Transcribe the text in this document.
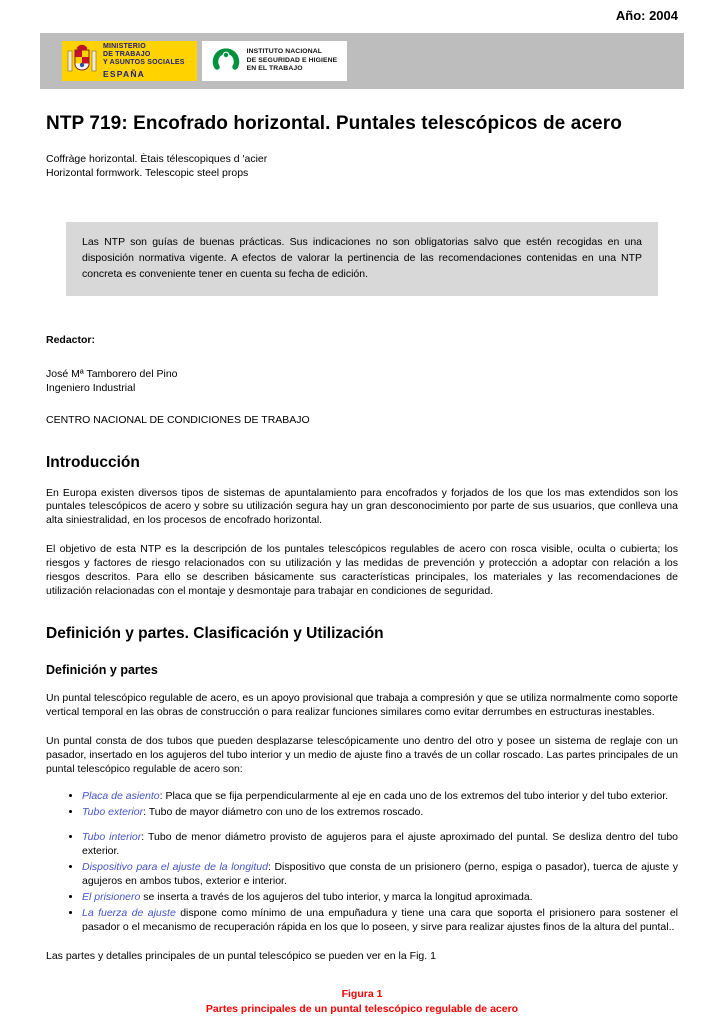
Año: 2004
MINISTERIO
DE TRABAJO
Y ASUNTOS SOCIALES
ESPAÑA
INSTITUTO NACIONAL
DE SEGURIDAD E HIGIENE
EN EL TRABAJO
NTP 719: Encofrado horizontal. Puntales telescópicos de acero
Coffràge horizontal. Ètais télescopiques d 'acier
Horizontal formwork. Telescopic steel props
Las NTP son guías de buenas prácticas. Sus indicaciones no son obligatorias salvo que estén recogidas en una disposición normativa vigente. A efectos de valorar la pertinencia de las recomendaciones contenidas en una NTP concreta es conveniente tener en cuenta su fecha de edición.
Redactor:
José Mª Tamborero del Pino
Ingeniero Industrial
CENTRO NACIONAL DE CONDICIONES DE TRABAJO
Introducción

En Europa existen diversos tipos de sistemas de apuntalamiento para encofrados y forjados de los que los mas extendidos son los puntales telescópicos de acero y sobre su utilización segura hay un gran desconocimiento por parte de sus usuarios, que conlleva una alta siniestralidad, en los procesos de encofrado horizontal.

El objetivo de esta NTP es la descripción de los puntales telescópicos regulables de acero con rosca visible, oculta o cubierta; los riesgos y factores de riesgo relacionados con su utilización y las medidas de prevención y protección a adoptar con relación a los riesgos descritos. Para ello se describen básicamente sus características principales, los materiales y las recomendaciones de utilización relacionadas con el montaje y desmontaje para trabajar en condiciones de seguridad.

Definición y partes. Clasificación y Utilización
Definición y partes

Un puntal telescópico regulable de acero, es un apoyo provisional que trabaja a compresión y que se utiliza normalmente como soporte vertical temporal en las obras de construcción o para realizar funciones similares como evitar derrumbes en estructuras inestables.

Un puntal consta de dos tubos que pueden desplazarse telescópicamente uno dentro del otro y posee un sistema de reglaje con un pasador, insertado en los agujeros del tubo interior y un medio de ajuste fino a través de un collar roscado. Las partes principales de un puntal telescópico regulable de acero son:

• Placa de asiento: Placa que se fija perpendicularmente al eje en cada uno de los extremos del tubo interior y del tubo exterior.
• Tubo exterior: Tubo de mayor diámetro con uno de los extremos roscado.
• Tubo interior: Tubo de menor diámetro provisto de agujeros para el ajuste aproximado del puntal. Se desliza dentro del tubo exterior.
• Dispositivo para el ajuste de la longitud: Dispositivo que consta de un prisionero (perno, espiga o pasador), tuerca de ajuste y agujeros en ambos tubos, exterior e interior.
• El prisionero se inserta a través de los agujeros del tubo interior, y marca la longitud aproximada.
• La fuerza de ajuste dispone como mínimo de una empuñadura y tiene una cara que soporta el prisionero para sostener el pasador o el mecanismo de recuperación rápida en los que lo poseen, y sirve para realizar ajustes finos de la altura del puntal..

Las partes y detalles principales de un puntal telescópico se pueden ver en la Fig. 1

Figura 1
Partes principales de un puntal telescópico regulable de acero
